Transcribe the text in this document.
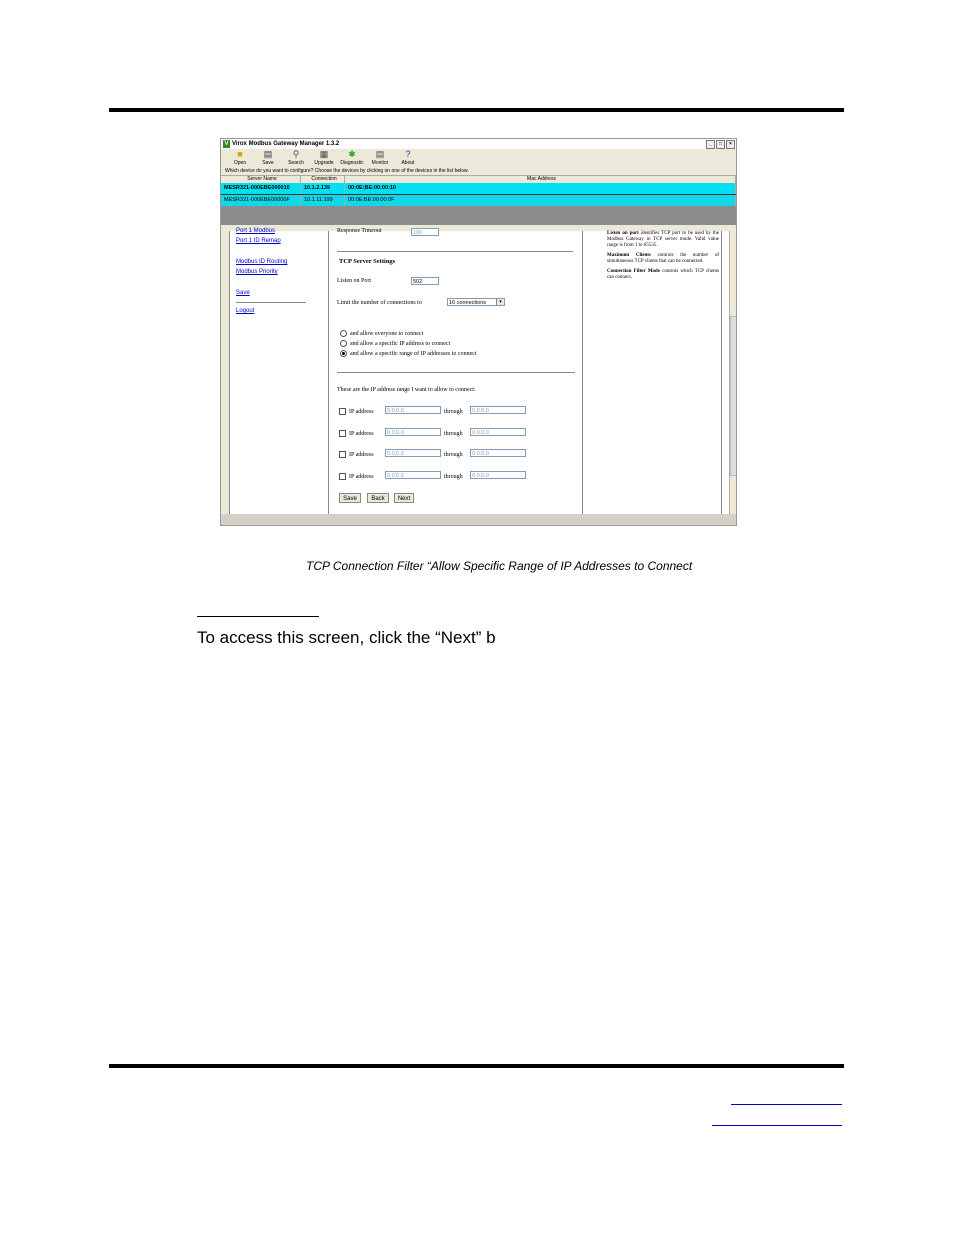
V Virox Modbus Gateway Manager 1.3.2	_	□	×
■
Open
▤
Save
⚲
Search
▦
Upgrade
✱
Diagnostic
▤
Monitor
?
About
Which device do you want to configure? Choose the devices by clicking on one of the devices in the list below.
Server Name	Connection	Mac Address
MESR321-000EBE000010	10.1.2.139	00:0E:BE:00:00:10
MESR321-000EBE00000F	10.1.11.199	00:0E:BE:00:00:0F
Port 1 Modbus
Port 1 ID Remap
Modbus ID Routing
Modbus Priority
Save
Logout
Response Timeout	100
TCP Server Settings
Listen on Port	502
Limit the number of connections to	16 connections	▾
and allow everyone to connect
and allow a specific IP address to connect
and allow a specific range of IP addresses to connect
These are the IP address range I want to allow to connect:
IP address	0.0.0.0	through	0.0.0.0
IP address	0.0.0.0	through	0.0.0.0
IP address	0.0.0.0	through	0.0.0.0
IP address	0.0.0.0	through	0.0.0.0
Save	Back	Next

Listen on port identifies TCP port to be used by the Modbus Gateway in TCP server mode. Valid value range is from 1 to 65535.

Maximum Clients controls the number of simultaneous TCP clients that can be connected.

Connection Filter Mode controls which TCP clients can connect.

TCP Connection Filter “Allow Specific Range of IP Addresses to Connect
To access this screen, click the “Next” b
